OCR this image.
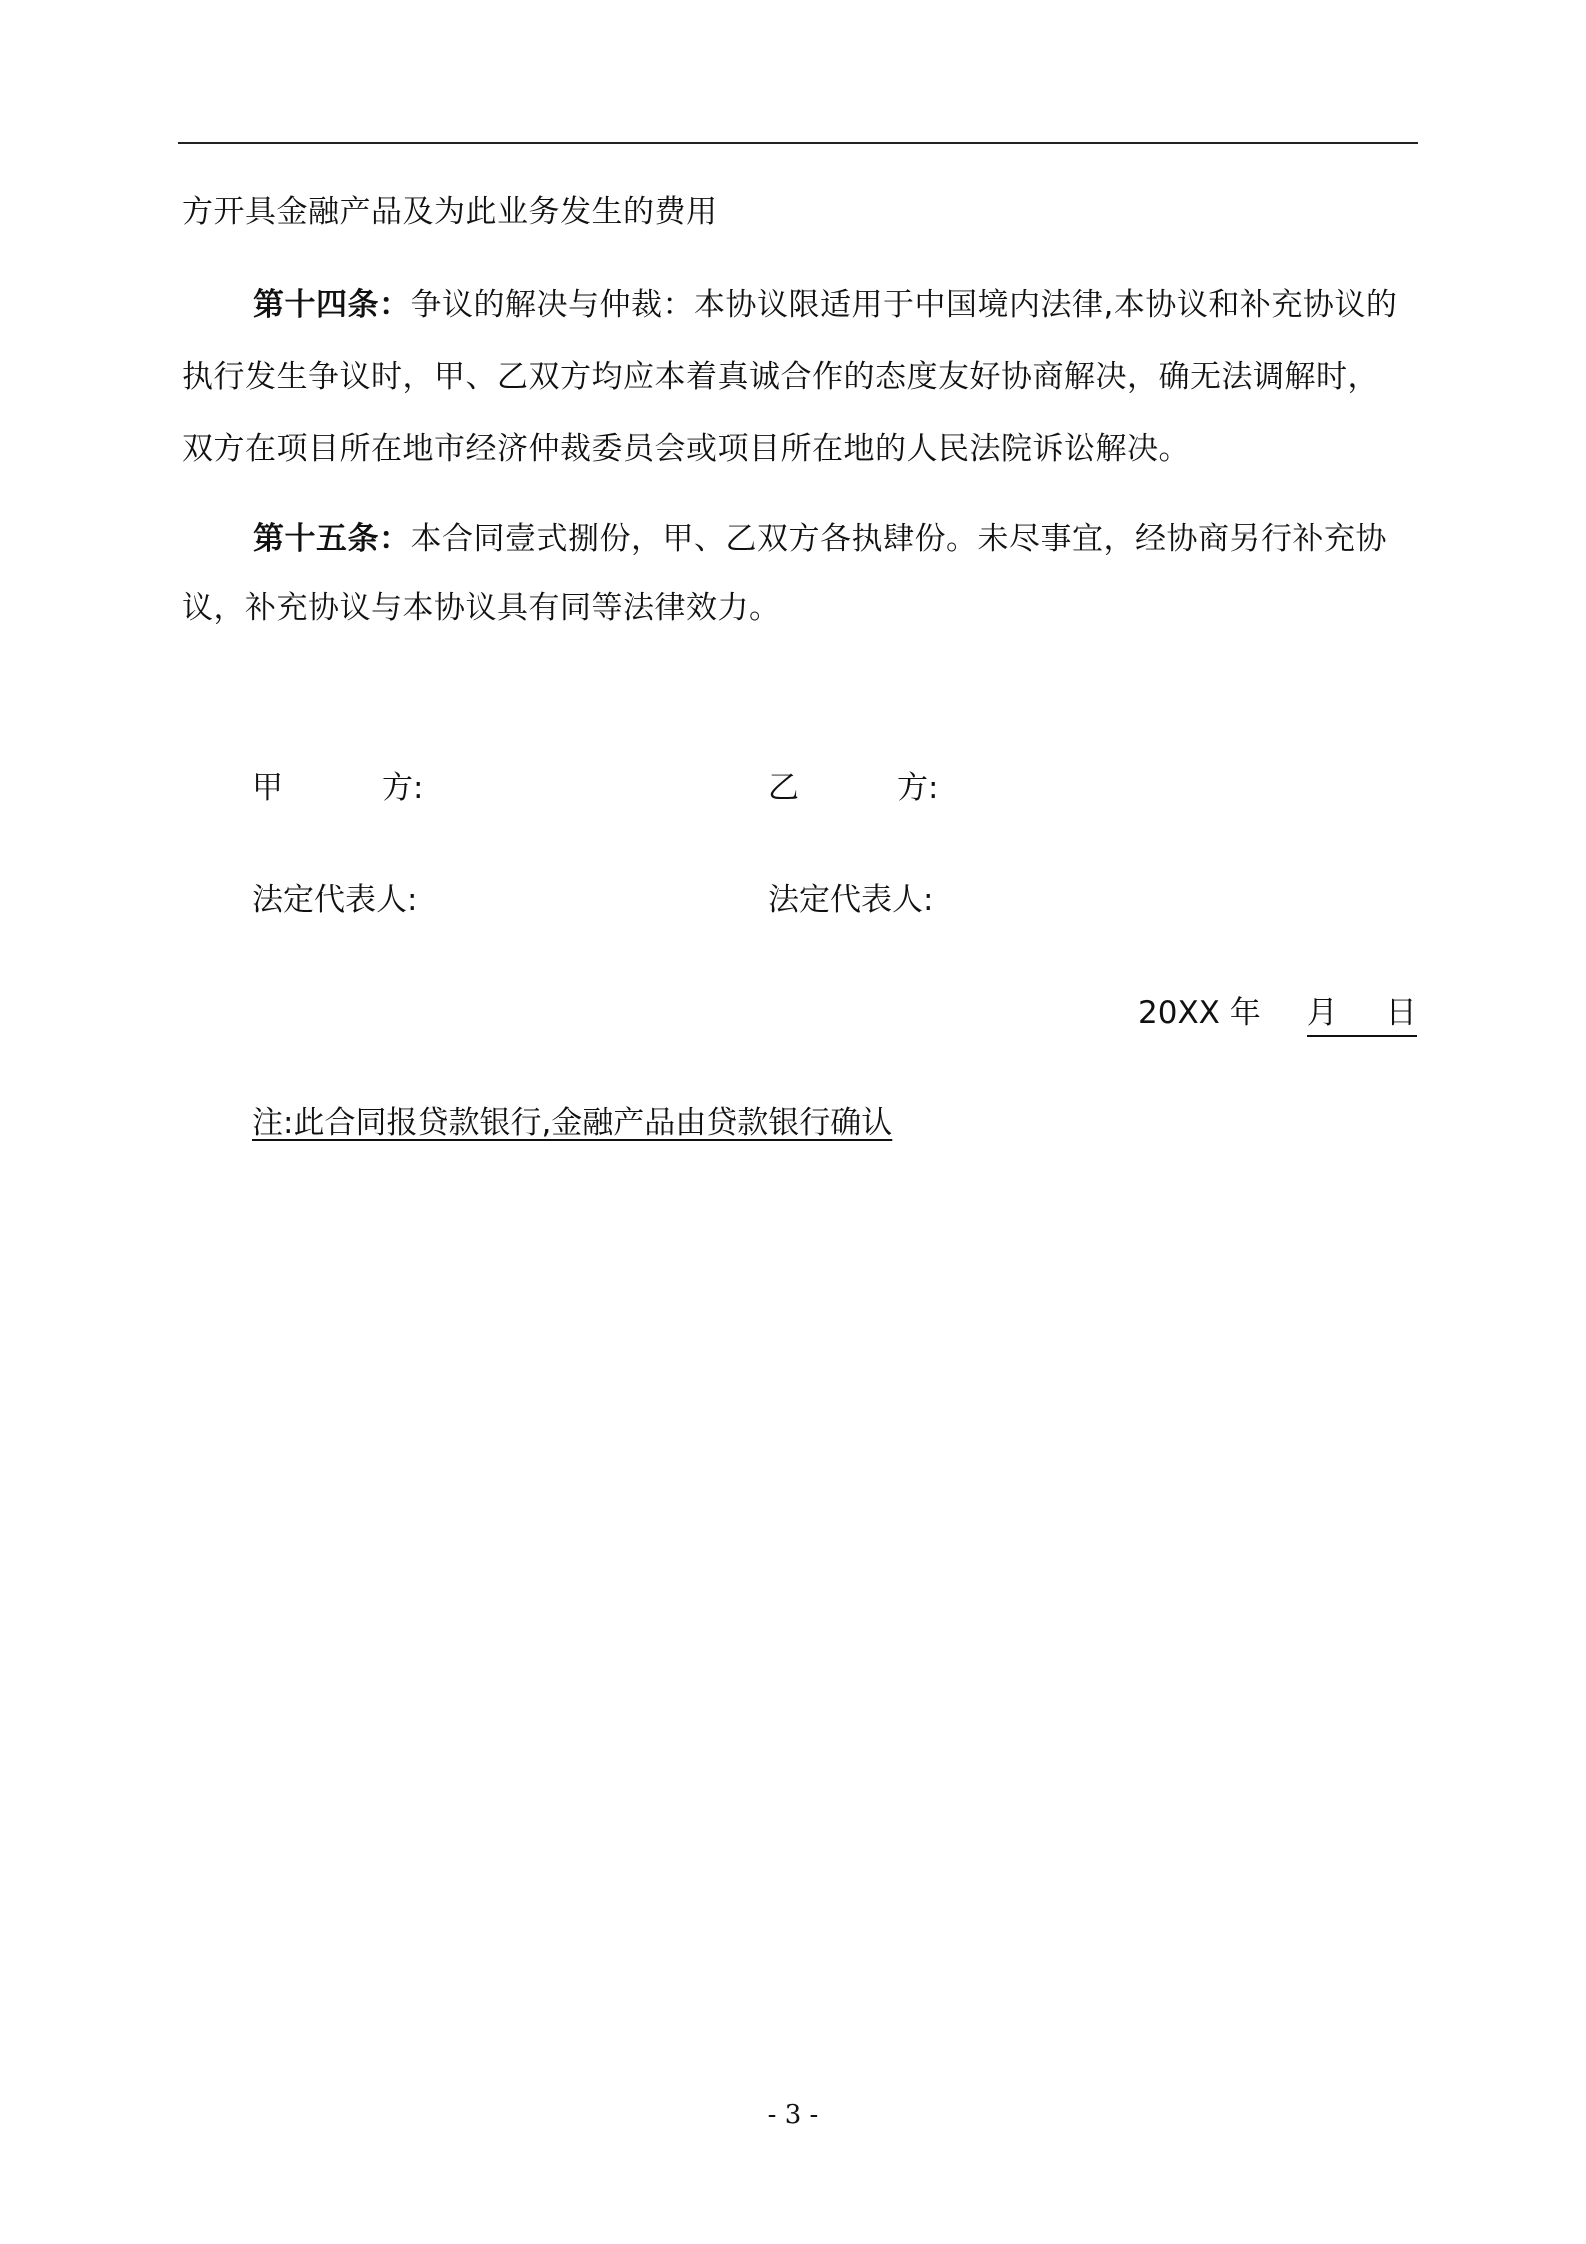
方开具金融产品及为此业务发生的费用
第十四条：争议的解决与仲裁：本协议限适用于中国境内法律,本协议和补充协议的
执行发生争议时，甲、乙双方均应本着真诚合作的态度友好协商解决，确无法调解时，
双方在项目所在地市经济仲裁委员会或项目所在地的人民法院诉讼解决。
第十五条：本合同壹式捌份，甲、乙双方各执肆份。未尽事宜，经协商另行补充协
议，补充协议与本协议具有同等法律效力。
甲	方:	乙	方:
法定代表人:	法定代表人:
20XX 年 月 日
注:此合同报贷款银行,金融产品由贷款银行确认
- 3 -
